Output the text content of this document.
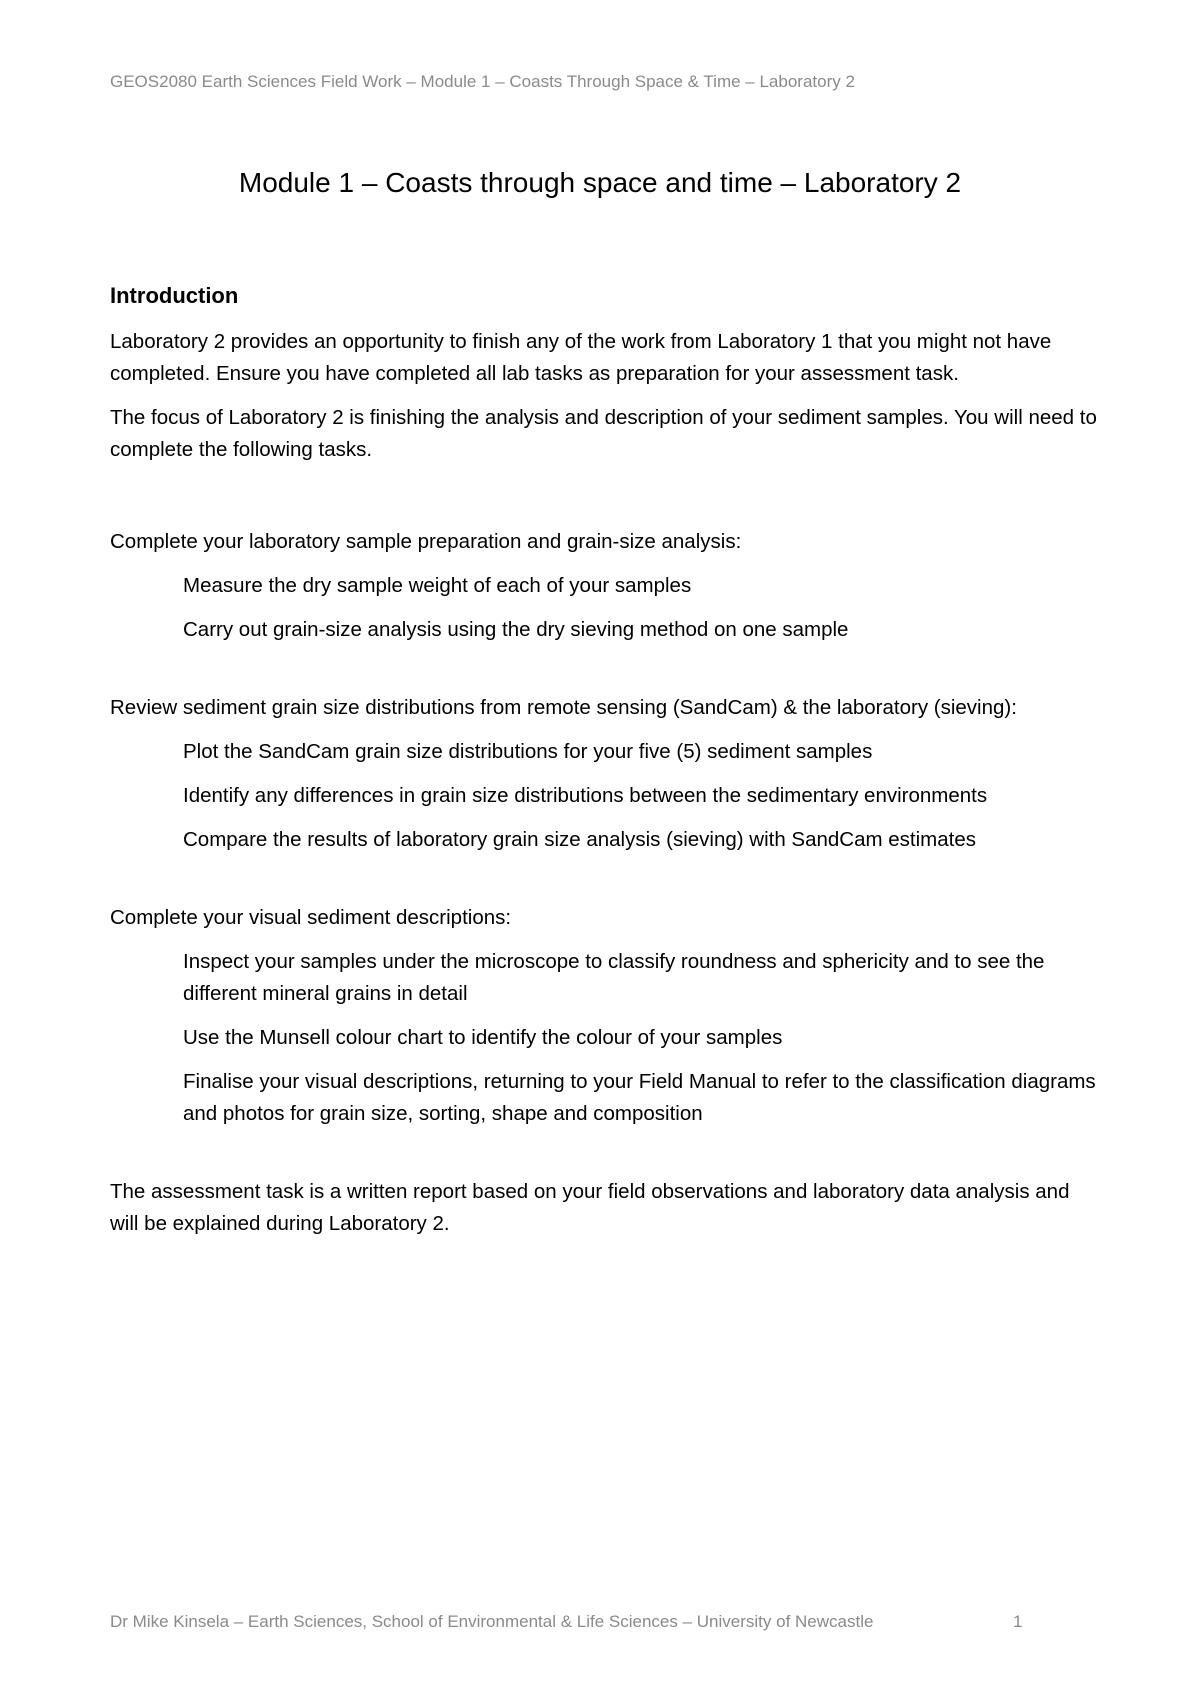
GEOS2080 Earth Sciences Field Work – Module 1 – Coasts Through Space & Time – Laboratory 2
Module 1 – Coasts through space and time – Laboratory 2
Introduction

Laboratory 2 provides an opportunity to finish any of the work from Laboratory 1 that you might not have completed. Ensure you have completed all lab tasks as preparation for your assessment task.

The focus of Laboratory 2 is finishing the analysis and description of your sediment samples. You will need to complete the following tasks.

Complete your laboratory sample preparation and grain-size analysis:

Measure the dry sample weight of each of your samples
Carry out grain-size analysis using the dry sieving method on one sample

Review sediment grain size distributions from remote sensing (SandCam) & the laboratory (sieving):

Plot the SandCam grain size distributions for your five (5) sediment samples
Identify any differences in grain size distributions between the sedimentary environments
Compare the results of laboratory grain size analysis (sieving) with SandCam estimates

Complete your visual sediment descriptions:

Inspect your samples under the microscope to classify roundness and sphericity and to see the different mineral grains in detail
Use the Munsell colour chart to identify the colour of your samples
Finalise your visual descriptions, returning to your Field Manual to refer to the classification diagrams and photos for grain size, sorting, shape and composition

The assessment task is a written report based on your field observations and laboratory data analysis and will be explained during Laboratory 2.

Dr Mike Kinsela – Earth Sciences, School of Environmental & Life Sciences – University of Newcastle	1
